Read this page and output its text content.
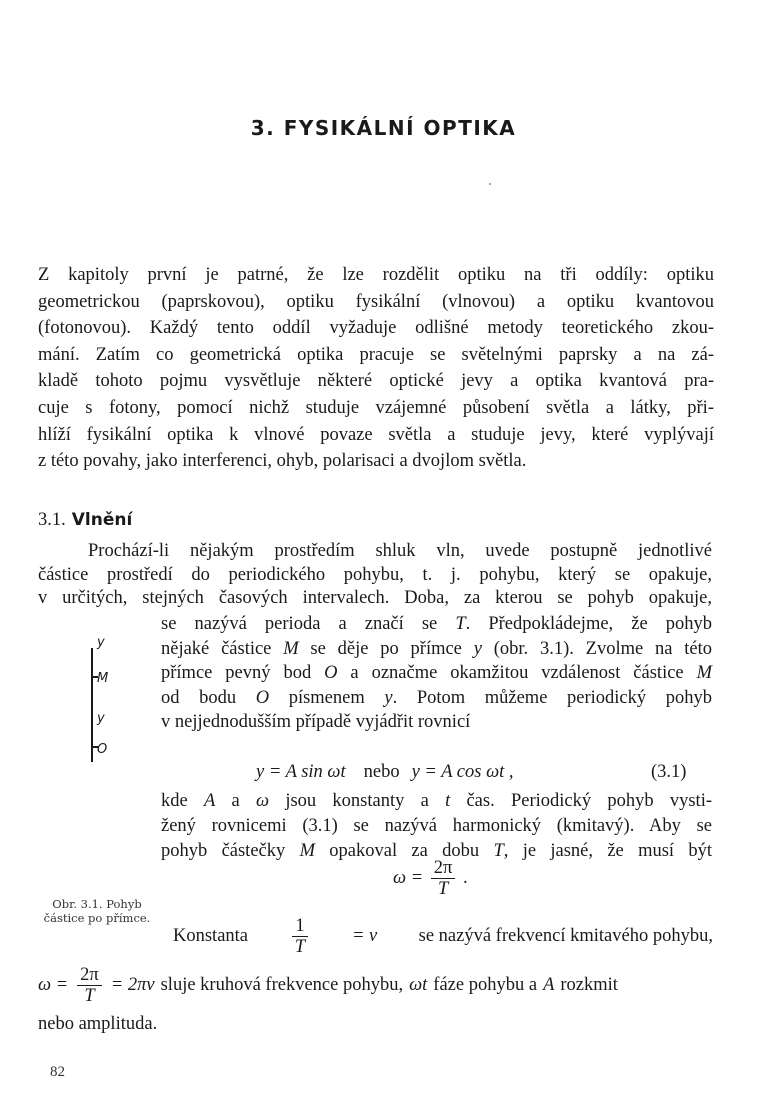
3. FYSIKÁLNÍ OPTIKA
Z kapitoly první je patrné, že lze rozdělit optiku na tři oddíly: optiku
geometrickou (paprskovou), optiku fysikální (vlnovou) a optiku kvantovou
(fotonovou). Každý tento oddíl vyžaduje odlišné metody teoretického zkou-
mání. Zatím co geometrická optika pracuje se světelnými paprsky a na zá-
kladě tohoto pojmu vysvětluje některé optické jevy a optika kvantová pra-
cuje s fotony, pomocí nichž studuje vzájemné působení světla a látky, při-
hlíží fysikální optika k vlnové povaze světla a studuje jevy, které vyplývají
z této povahy, jako interferenci, ohyb, polarisaci a dvojlom světla.
3.1. Vlnění
Prochází-li nějakým prostředím shluk vln, uvede postupně jednotlivé
částice prostředí do periodického pohybu, t. j. pohybu, který se opakuje,
v určitých, stejných časových intervalech. Doba, za kterou se pohyb opakuje,
se nazývá perioda a značí se T. Předpokládejme, že pohyb
nějaké částice M se děje po přímce y (obr. 3.1). Zvolme na této
přímce pevný bod O a označme okamžitou vzdálenost částice M
od bodu O písmenem y. Potom můžeme periodický pohyb
v nejjednodušším případě vyjádřit rovnicí
y
M
y
O
y = A sin ωt nebo y = A cos ωt ,	(3.1)
kde A a ω jsou konstanty a t čas. Periodický pohyb vysti-
žený rovnicemi (3.1) se nazývá harmonický (kmitavý). Aby se
pohyb částečky M opakoval za dobu T, je jasné, že musí být
$\omega = \frac{2\pi}{T}$ .
Obr. 3.1. Pohyb částice po přímce.
Konstanta $\frac{1}{T} = \nu$ se nazývá frekvencí kmitavého pohybu,
$\omega = \frac{2\pi}{T} = 2\pi\nu$ sluje kruhová frekvence pohybu, ωt fáze pohybu a A rozkmit
nebo amplituda.
82
